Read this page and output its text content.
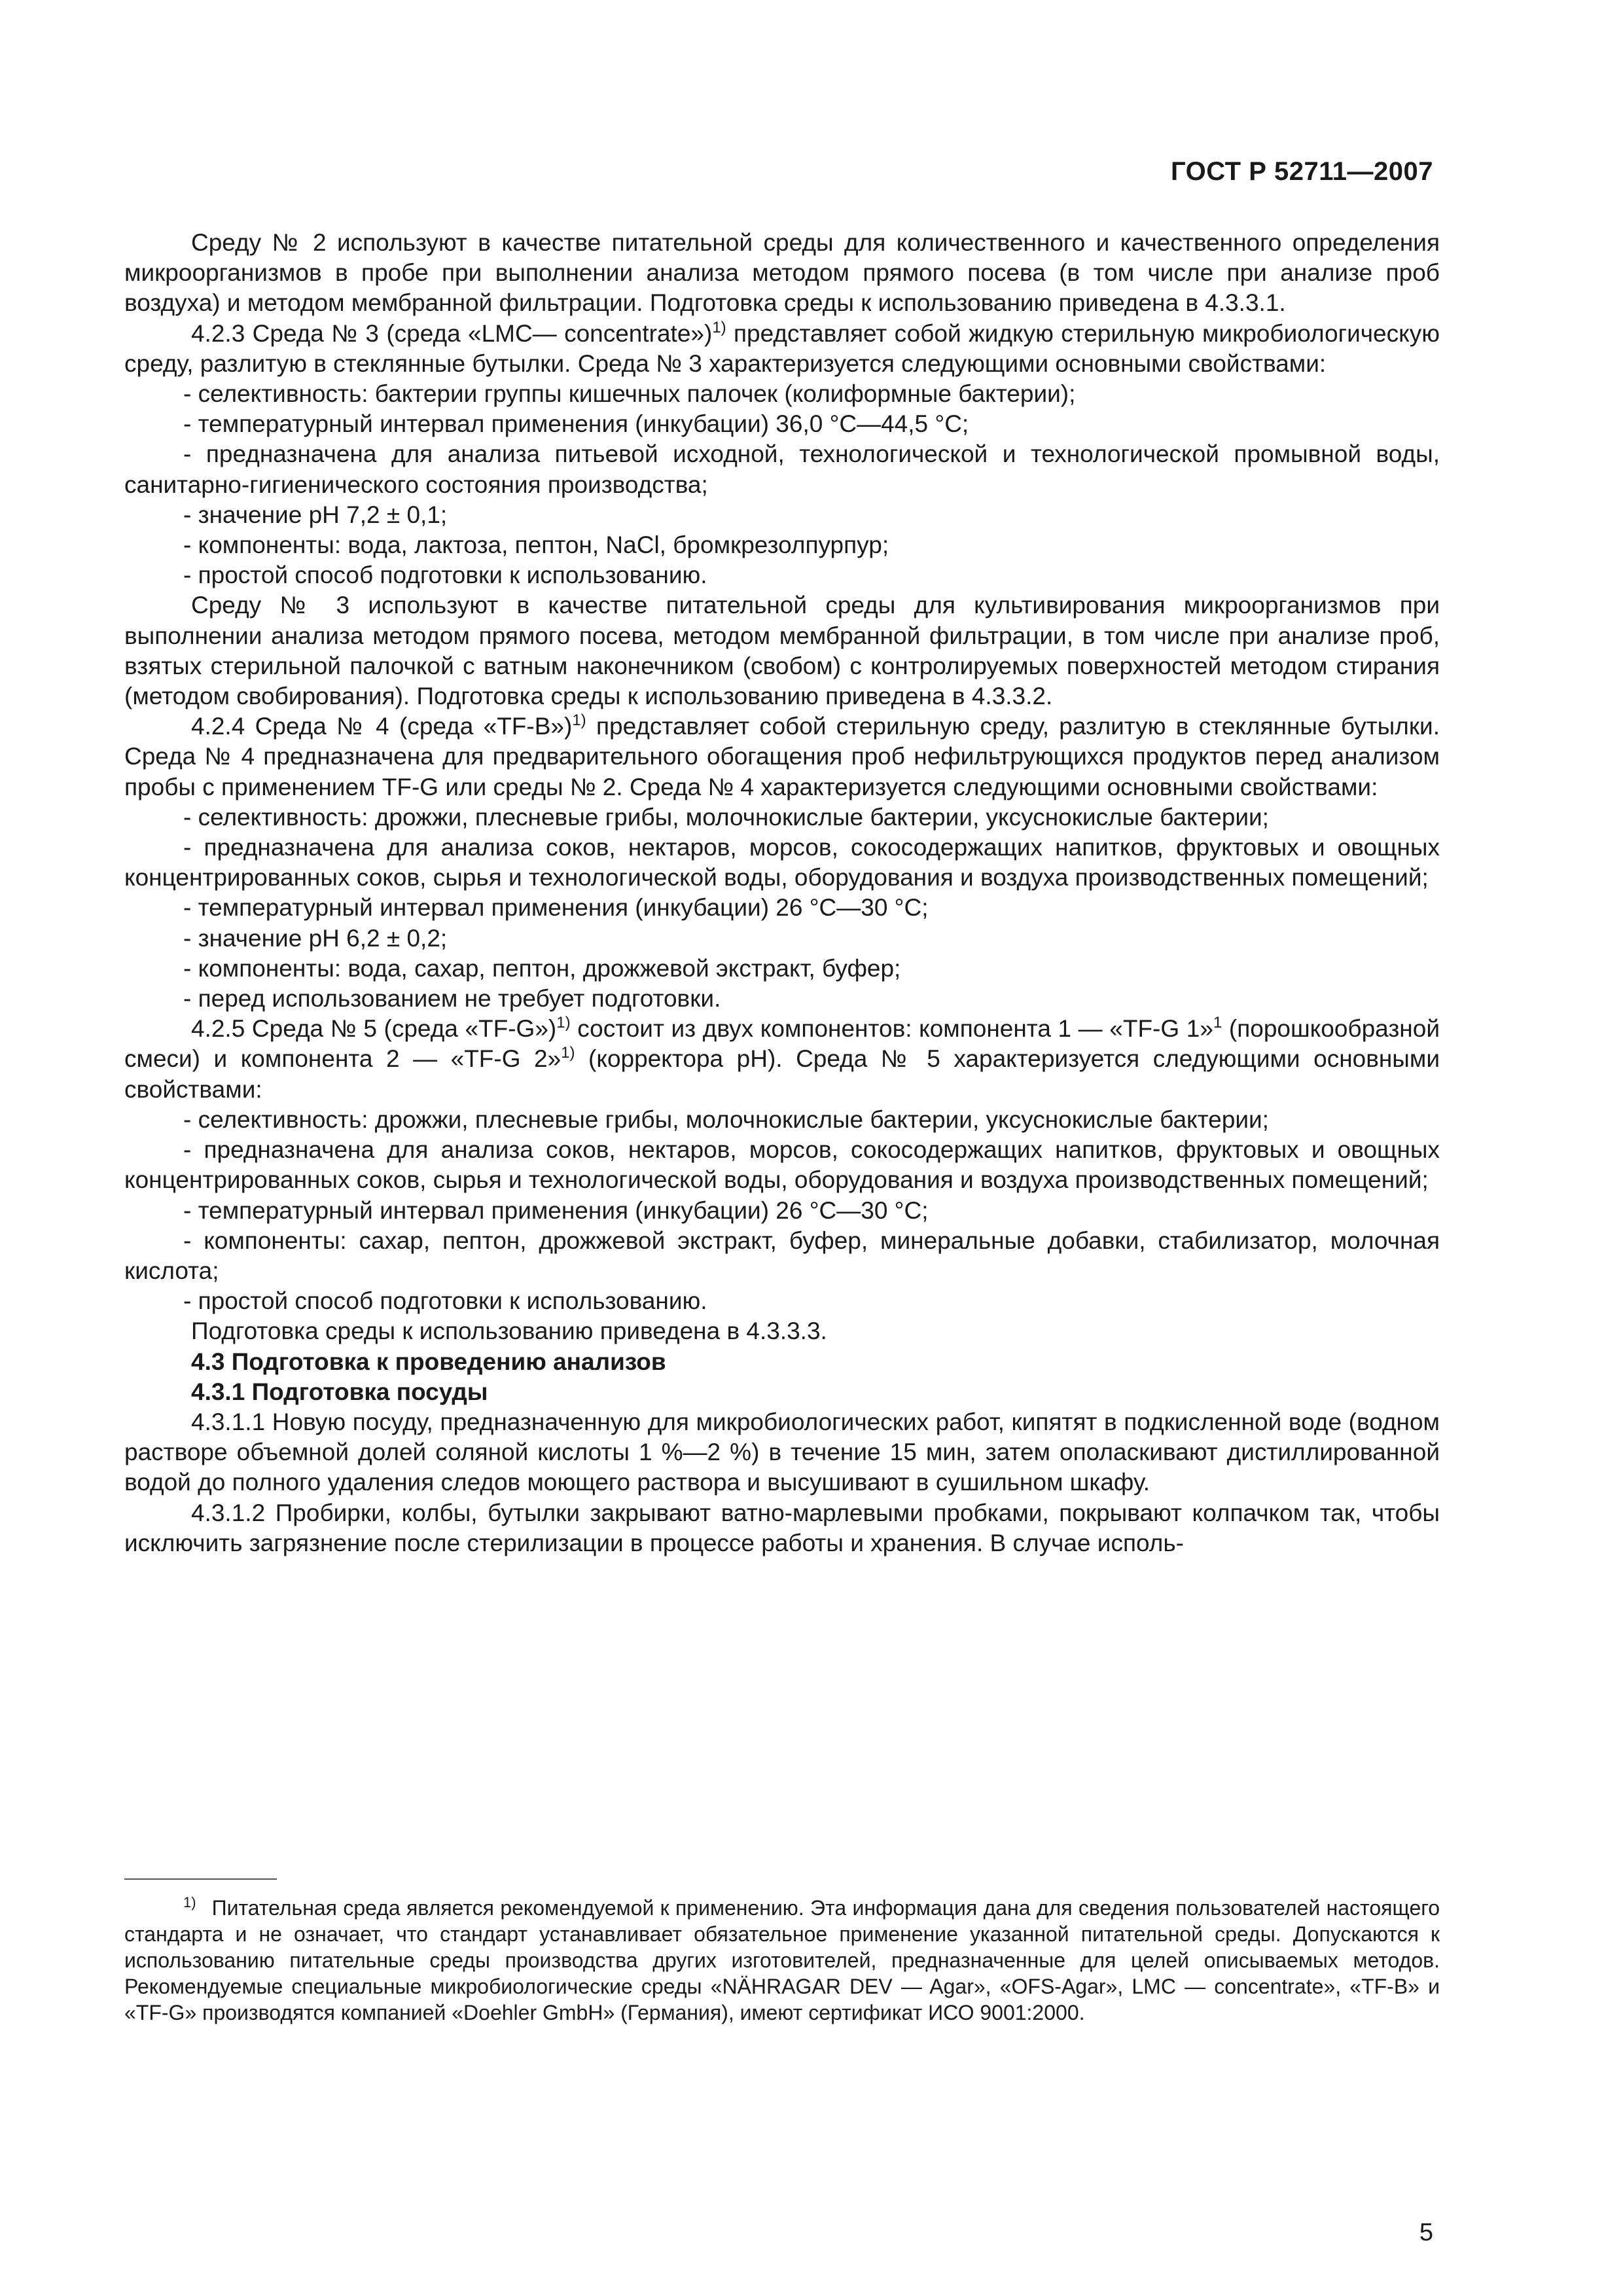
ГОСТ Р 52711—2007

Среду № 2 используют в качестве питательной среды для количественного и качественного определения микроорганизмов в пробе при выполнении анализа методом прямого посева (в том числе при анализе проб воздуха) и методом мембранной фильтрации. Подготовка среды к использованию приведена в 4.3.3.1.

4.2.3 Среда № 3 (среда «LMC— concentrate»)$^{1)}$ представляет собой жидкую стерильную микробиологическую среду, разлитую в стеклянные бутылки. Среда № 3 характеризуется следующими основными свойствами:

- селективность: бактерии группы кишечных палочек (колиформные бактерии);

- температурный интервал применения (инкубации) 36,0 °С—44,5 °С;

- предназначена для анализа питьевой исходной, технологической и технологической промывной воды, санитарно-гигиенического состояния производства;

- значение рН 7,2 ± 0,1;

- компоненты: вода, лактоза, пептон, NaCl, бромкрезолпурпур;

- простой способ подготовки к использованию.

Среду № 3 используют в качестве питательной среды для культивирования микроорганизмов при выполнении анализа методом прямого посева, методом мембранной фильтрации, в том числе при анализе проб, взятых стерильной палочкой с ватным наконечником (свобом) с контролируемых поверхностей методом стирания (методом свобирования). Подготовка среды к использованию приведена в 4.3.3.2.

4.2.4 Среда № 4 (среда «TF-B»)$^{1)}$ представляет собой стерильную среду, разлитую в стеклянные бутылки. Среда № 4 предназначена для предварительного обогащения проб нефильтрующихся продуктов перед анализом пробы с применением TF-G или среды № 2. Среда № 4 характеризуется следующими основными свойствами:

- селективность: дрожжи, плесневые грибы, молочнокислые бактерии, уксуснокислые бактерии;

- предназначена для анализа соков, нектаров, морсов, сокосодержащих напитков, фруктовых и овощных концентрированных соков, сырья и технологической воды, оборудования и воздуха производственных помещений;

- температурный интервал применения (инкубации) 26 °С—30 °С;

- значение рН 6,2 ± 0,2;

- компоненты: вода, сахар, пептон, дрожжевой экстракт, буфер;

- перед использованием не требует подготовки.

4.2.5 Среда № 5 (среда «TF-G»)$^{1)}$ состоит из двух компонентов: компонента 1 — «TF-G 1»$^1$ (порошкообразной смеси) и компонента 2 — «TF-G 2»$^{1)}$ (корректора рН). Среда № 5 характеризуется следующими основными свойствами:

- селективность: дрожжи, плесневые грибы, молочнокислые бактерии, уксуснокислые бактерии;

- предназначена для анализа соков, нектаров, морсов, сокосодержащих напитков, фруктовых и овощных концентрированных соков, сырья и технологической воды, оборудования и воздуха производственных помещений;

- температурный интервал применения (инкубации) 26 °С—30 °С;

- компоненты: сахар, пептон, дрожжевой экстракт, буфер, минеральные добавки, стабилизатор, молочная кислота;

- простой способ подготовки к использованию.

Подготовка среды к использованию приведена в 4.3.3.3.

4.3 Подготовка к проведению анализов

4.3.1 Подготовка посуды

4.3.1.1 Новую посуду, предназначенную для микробиологических работ, кипятят в подкисленной воде (водном растворе объемной долей соляной кислоты 1 %—2 %) в течение 15 мин, затем ополаскивают дистиллированной водой до полного удаления следов моющего раствора и высушивают в сушильном шкафу.

4.3.1.2 Пробирки, колбы, бутылки закрывают ватно-марлевыми пробками, покрывают колпачком так, чтобы исключить загрязнение после стерилизации в процессе работы и хранения. В случае исполь-

$^{1)}$ Питательная среда является рекомендуемой к применению. Эта информация дана для сведения пользователей настоящего стандарта и не означает, что стандарт устанавливает обязательное применение указанной питательной среды. Допускаются к использованию питательные среды производства других изготовителей, предназначенные для целей описываемых методов. Рекомендуемые специальные микробиологические среды «NÄHRAGAR DEV — Agar», «OFS-Agar», LMC — concentrate», «TF-B» и «TF-G» производятся компанией «Doehler GmbH» (Германия), имеют сертификат ИСО 9001:2000.

5
